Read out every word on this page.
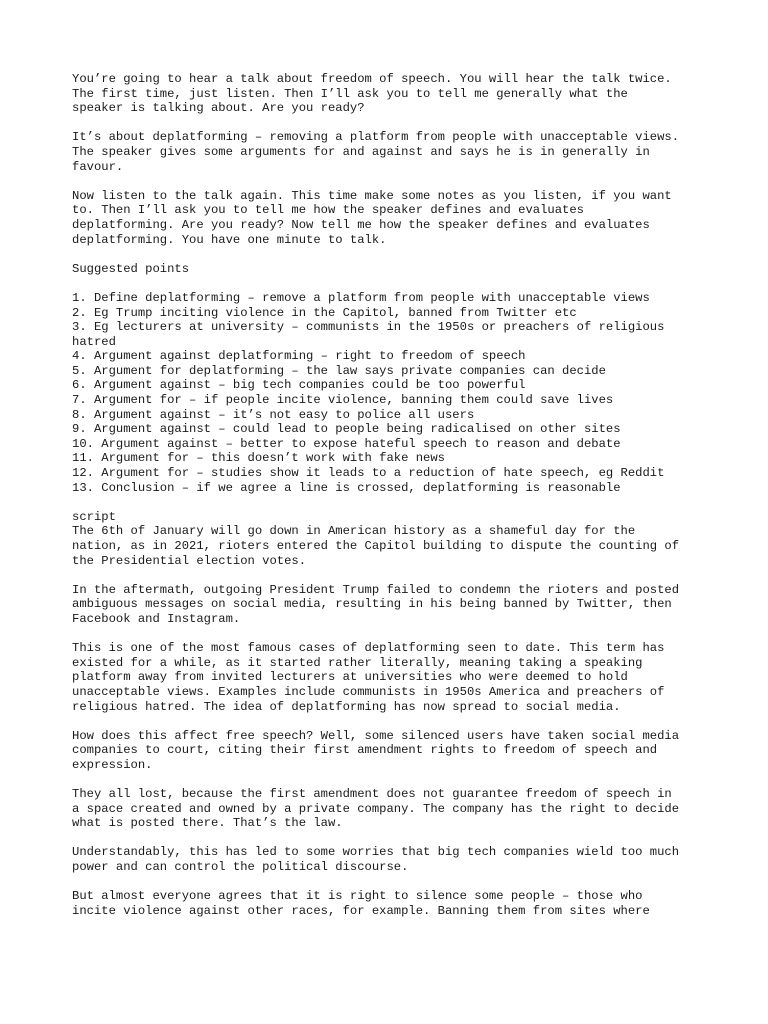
You’re going to hear a talk about freedom of speech. You will hear the talk twice.
The first time, just listen. Then I’ll ask you to tell me generally what the
speaker is talking about. Are you ready?

It’s about deplatforming – removing a platform from people with unacceptable views.
The speaker gives some arguments for and against and says he is in generally in
favour.

Now listen to the talk again. This time make some notes as you listen, if you want
to. Then I’ll ask you to tell me how the speaker defines and evaluates
deplatforming. Are you ready? Now tell me how the speaker defines and evaluates
deplatforming. You have one minute to talk.

Suggested points

1. Define deplatforming – remove a platform from people with unacceptable views
2. Eg Trump inciting violence in the Capitol, banned from Twitter etc
3. Eg lecturers at university – communists in the 1950s or preachers of religious
hatred
4. Argument against deplatforming – right to freedom of speech
5. Argument for deplatforming – the law says private companies can decide
6. Argument against – big tech companies could be too powerful
7. Argument for – if people incite violence, banning them could save lives
8. Argument against – it’s not easy to police all users
9. Argument against – could lead to people being radicalised on other sites
10. Argument against – better to expose hateful speech to reason and debate
11. Argument for – this doesn’t work with fake news
12. Argument for – studies show it leads to a reduction of hate speech, eg Reddit
13. Conclusion – if we agree a line is crossed, deplatforming is reasonable

script

The 6th of January will go down in American history as a shameful day for the
nation, as in 2021, rioters entered the Capitol building to dispute the counting of
the Presidential election votes.

In the aftermath, outgoing President Trump failed to condemn the rioters and posted
ambiguous messages on social media, resulting in his being banned by Twitter, then
Facebook and Instagram.

This is one of the most famous cases of deplatforming seen to date. This term has
existed for a while, as it started rather literally, meaning taking a speaking
platform away from invited lecturers at universities who were deemed to hold
unacceptable views. Examples include communists in 1950s America and preachers of
religious hatred. The idea of deplatforming has now spread to social media.

How does this affect free speech? Well, some silenced users have taken social media
companies to court, citing their first amendment rights to freedom of speech and
expression.

They all lost, because the first amendment does not guarantee freedom of speech in
a space created and owned by a private company. The company has the right to decide
what is posted there. That’s the law.

Understandably, this has led to some worries that big tech companies wield too much
power and can control the political discourse.

But almost everyone agrees that it is right to silence some people – those who
incite violence against other races, for example. Banning them from sites where
